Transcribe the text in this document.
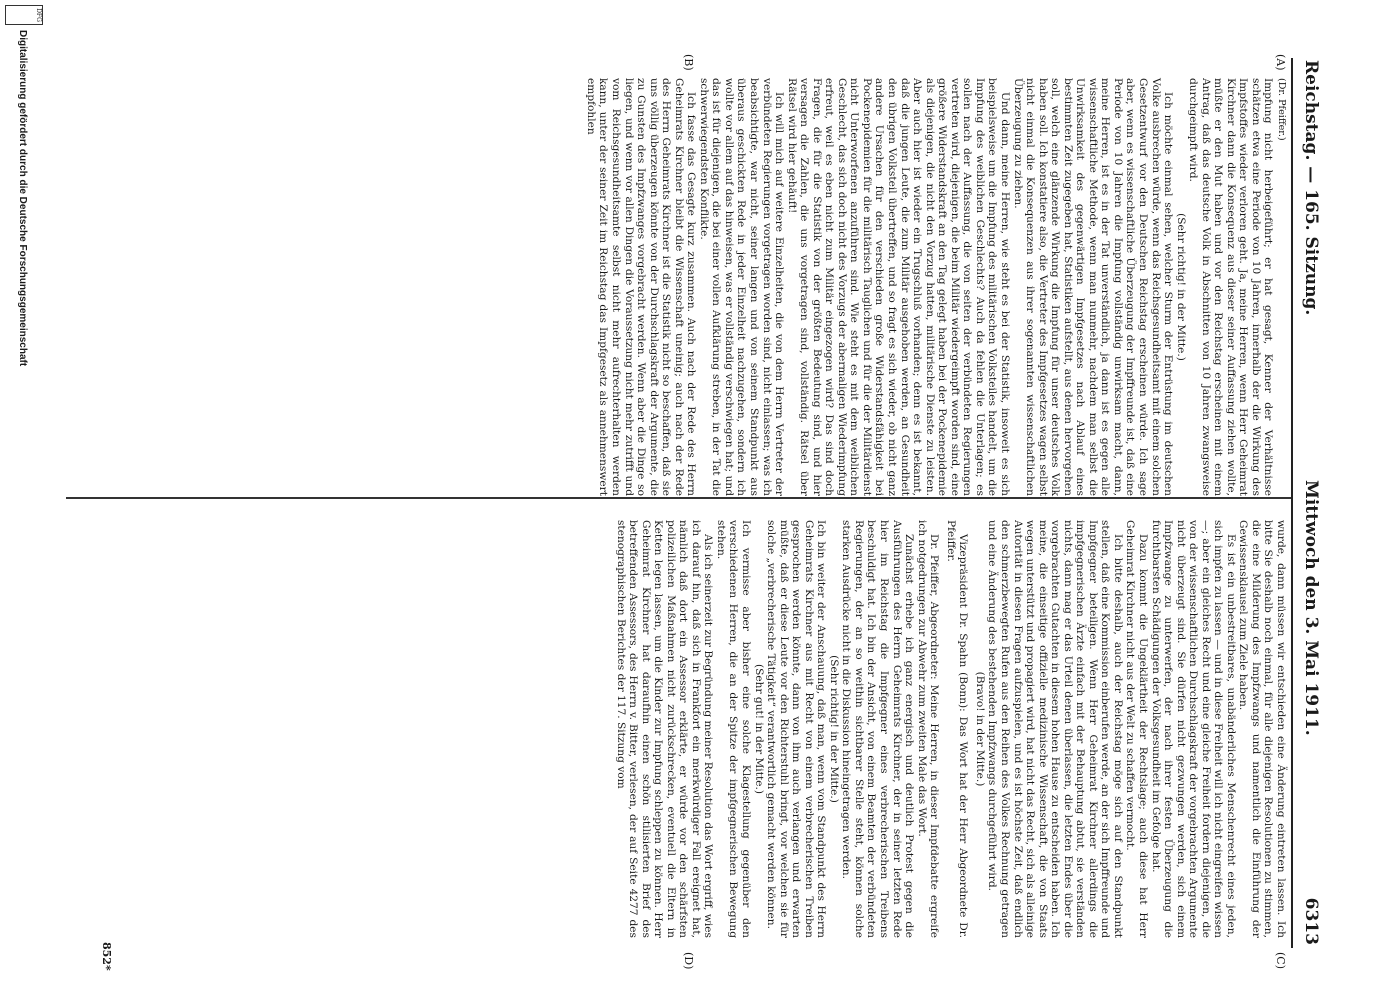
Reichstag. — 165. Sitzung.
Mittwoch den 3. Mai 1911.
6313
(A)
(B)
(C)
(D)

(Dr. Pfeiffer.)

Impfung nicht herbeigeführt; er hat gesagt, Kenner der Verhältnisse schätzen etwa eine Periode von 10 Jahren, innerhalb der die Wirkung des Impfstoffes wieder verloren geht. Ja, meine Herren, wenn Herr Geheimrat Kirchner dann die Konsequenz aus dieser seiner Auffassung ziehen wollte, müßte er den Mut haben und vor den Reichstag erscheinen mit einem Antrag, daß das deutsche Volk in Abschnitten von 10 Jahren zwangsweise durchgeimpft wird.

(Sehr richtig! in der Mitte.)

Ich möchte einmal sehen, welcher Sturm der Entrüstung im deutschen Volke ausbrechen würde, wenn das Reichsgesundheitsamt mit einem solchen Gesetzentwurf vor den Deutschen Reichstag erscheinen würde. Ich sage aber, wenn es wissenschaftliche Überzeugung der Impffreunde ist, daß eine Periode von 10 Jahren die Impfung vollständig unwirksam macht, dann, meine Herren, ist es in der Tat unverständlich, ja dann ist es gegen alle wissenschaftliche Methode, wenn man nunmehr, nachdem man selbst die Unwirksamkeit des gegenwärtigen Impfgesetzes nach Ablauf eines bestimmten Zeit zugegeben hat, Statistiken aufstellt, aus denen hervorgehen soll, welch eine glänzende Wirkung die Impfung für unser deutsches Volk haben soll. Ich konstatiere also, die Vertreter des Impfgesetzes wagen selbst nicht einmal die Konsequenzen aus ihrer sogenannten wissenschaftlichen Überzeugung zu ziehen.

Und dann, meine Herren, wie steht es bei der Statistik, insoweit es sich beispielsweise um die Impfung des militärischen Volksteiles handelt, um die Impfung des weiblichen Geschlechts? Auch da fehlen die Unterlagen; es sollen nach der Auffassung, die von seiten der verbündeten Regierungen vertreten wird, diejenigen, die beim Militär wiedergeimpft worden sind, eine größere Widerstandskraft an den Tag gelegt haben bei der Pockenepidemie als diejenigen, die nicht den Vorzug hatten, militärische Dienste zu leisten. Aber auch hier ist wieder ein Trugschluß vorhanden; denn es ist bekannt, daß die jungen Leute, die zum Militär ausgehoben werden, an Gesundheit den übrigen Volksteil übertreffen, und so fragt es sich wieder, ob nicht ganz andere Ursachen für den verschieden große Widerstandsfähigkeit bei Pockenepidemien für die militärisch Tauglichen und für die der Militärdienst nicht Unterworfenen anzuführen sind. Wie steht es mit dem weiblichen Geschlecht, das sich doch nicht des Vorzugs der abermaligen Wiederimpfung erfreut, weil es eben nicht zum Militär eingezogen wird? Das sind doch Fragen, die für die Statistik von der größten Bedeutung sind, und hier versagen die Zahlen, die uns vorgetragen sind, vollständig. Rätsel über Rätsel wird hier gehäuft!

Ich will mich auf weitere Einzelheiten, die von dem Herrn Vertreter der verbündeten Regierungen vorgetragen worden sind, nicht einlassen; was ich beabsichtigte, war nicht, seiner langen und von seinem Standpunkt aus überaus geschickten Rede in jeder Einzelheit nachzugehen, sondern ich wollte vor allem auf das hinweisen, was er vollständig verschwiegen hat; und das ist für diejenigen, die bei einer vollen Aufklärung streben, in der Tat die schwerwiegendsten Konflikte.

Ich fasse das Gesagte kurz zusammen. Auch nach der Rede des Herrn Geheimrats Kirchner bleibt die Wissenschaft uneinig; auch nach der Rede des Herrn Geheimrats Kirchner ist die Statistik nicht so beschaffen, daß sie uns völlig überzeugen könnte von der Durchschlagskraft der Argumente, die zu Gunsten des Impfzwanges vorgebracht werden. Wenn aber die Dinge so liegen, und wenn vor allen Dingen die Voraussetzung nicht mehr zutrifft und vom Reichsgesundheitsamte selbst nicht mehr aufrechterhalten werden kann, unter der seiner Zeit im Reichstag das Impfgesetz als annehmenswert empfohlen

wurde, dann müssen wir entschieden eine Änderung eintreten lassen. Ich bitte Sie deshalb noch einmal, für alle diejenigen Resolutionen zu stimmen, die eine Milderung des Impfzwangs und namentlich die Einführung der Gewissensklausel zum Ziele haben.

Es ist ein unbestreitbares, unabänderliches Menschenrecht eines jeden, sich impfen zu lassen — und in diese Freiheit will ich nicht eingreifen wissen —; aber ein gleiches Recht und eine gleiche Freiheit fordern diejenigen, die von der wissenschaftlichen Durchschlagskraft der vorgebrachten Argumente nicht überzeugt sind. Sie dürfen nicht gezwungen werden, sich einem Impfzwange zu unterwerfen, der nach ihrer festen Überzeugung die furchtbarsten Schädigungen der Volksgesundheit im Gefolge hat.

Dazu kommt die Ungeklärtheit der Rechtslage; auch diese hat Herr Geheimrat Kirchner nicht aus der Welt zu schaffen vermocht.

Ich bitte deshalb, auch der Reichstag möge sich auf den Standpunkt stellen, daß eine Kommission einberufen werde, an der sich Impffreunde und Impfgegner beteiligen. Wenn Herr Geheimrat Kirchner allerdings die impfgegnerischen Ärzte einfach mit der Behauptung abtut, sie verständen nichts, dann mag er das Urteil denen überlassen, die letzten Endes über die vorgebrachten Gutachten in diesem hohen Hause zu entscheiden haben. Ich meine, die einseitige offizielle medizinische Wissenschaft, die von Staats wegen unterstützt und propagiert wird, hat nicht das Recht, sich als alleinige Autorität in diesen Fragen aufzuspielen, und es ist höchste Zeit, daß endlich den schmerzbewegten Rufen aus den Reihen des Volkes Rechnung getragen und eine Änderung des bestehenden Impfzwangs durchgeführt wird.

(Bravo! in der Mitte.)

Vizepräsident Dr. Spahn (Bonn): Das Wort hat der Herr Abgeordnete Dr. Pfeiffer.

Dr. Pfeiffer, Abgeordneter: Meine Herren, in dieser Impfdebatte ergreife ich notgedrungen zur Abwehr zum zweiten Male das Wort.

Zunächst erhebe ich ganz energisch und deutlich Protest gegen die Ausführungen des Herrn Geheimrats Kirchner, der in seiner letzten Rede hier im Reichstag die Impfgegner eines verbrecherischen Treibens beschuldigt hat. Ich bin der Ansicht, von einem Beamten der verbündeten Regierungen, der an so weithin sichtbarer Stelle steht, können solche starken Ausdrücke nicht in die Diskussion hineingetragen werden.

(Sehr richtig! in der Mitte.)

Ich bin weiter der Anschauung, daß man, wenn vom Standpunkt des Herrn Geheimrats Kirchner aus mit Recht von einem verbrecherischen Treiben gesprochen werden könnte, dann von ihm auch verlangen und erwarten müßte, daß er diese Leute vor den Richterstuhl bringt, vor welchen sie für solche „verbrecherische Tätigkeit“ verantwortlich gemacht werden können.

(Sehr gut! in der Mitte.)

Ich vermisse aber bisher eine solche Klagestellung gegenüber den verschiedenen Herren, die an der Spitze der impfgegnerischen Bewegung stehen.

Als ich seinerzeit zur Begründung meiner Resolution das Wort ergriff, wies ich darauf hin, daß sich in Frankfort ein merkwürdiger Fall ereignet hat, nämlich daß dort ein Assessor erklärte, er würde vor den schärfsten polizeilichen Maßnahmen nicht zurückschrecken, eventuell die Eltern in Ketten legen lassen, um die Kinder zur Impfung schleppen zu können. Herr Geheimrat Kirchner hat daraufhin einen schön stilisierten Brief des betreffenden Assessors, des Herrn v. Bitter, verlesen, der auf Seite 4277 des stenographischen Berichtes der 117. Sitzung vom

852*
DFG
Digitalisierung gefördert durch die Deutsche Forschungsgemeinschaft
